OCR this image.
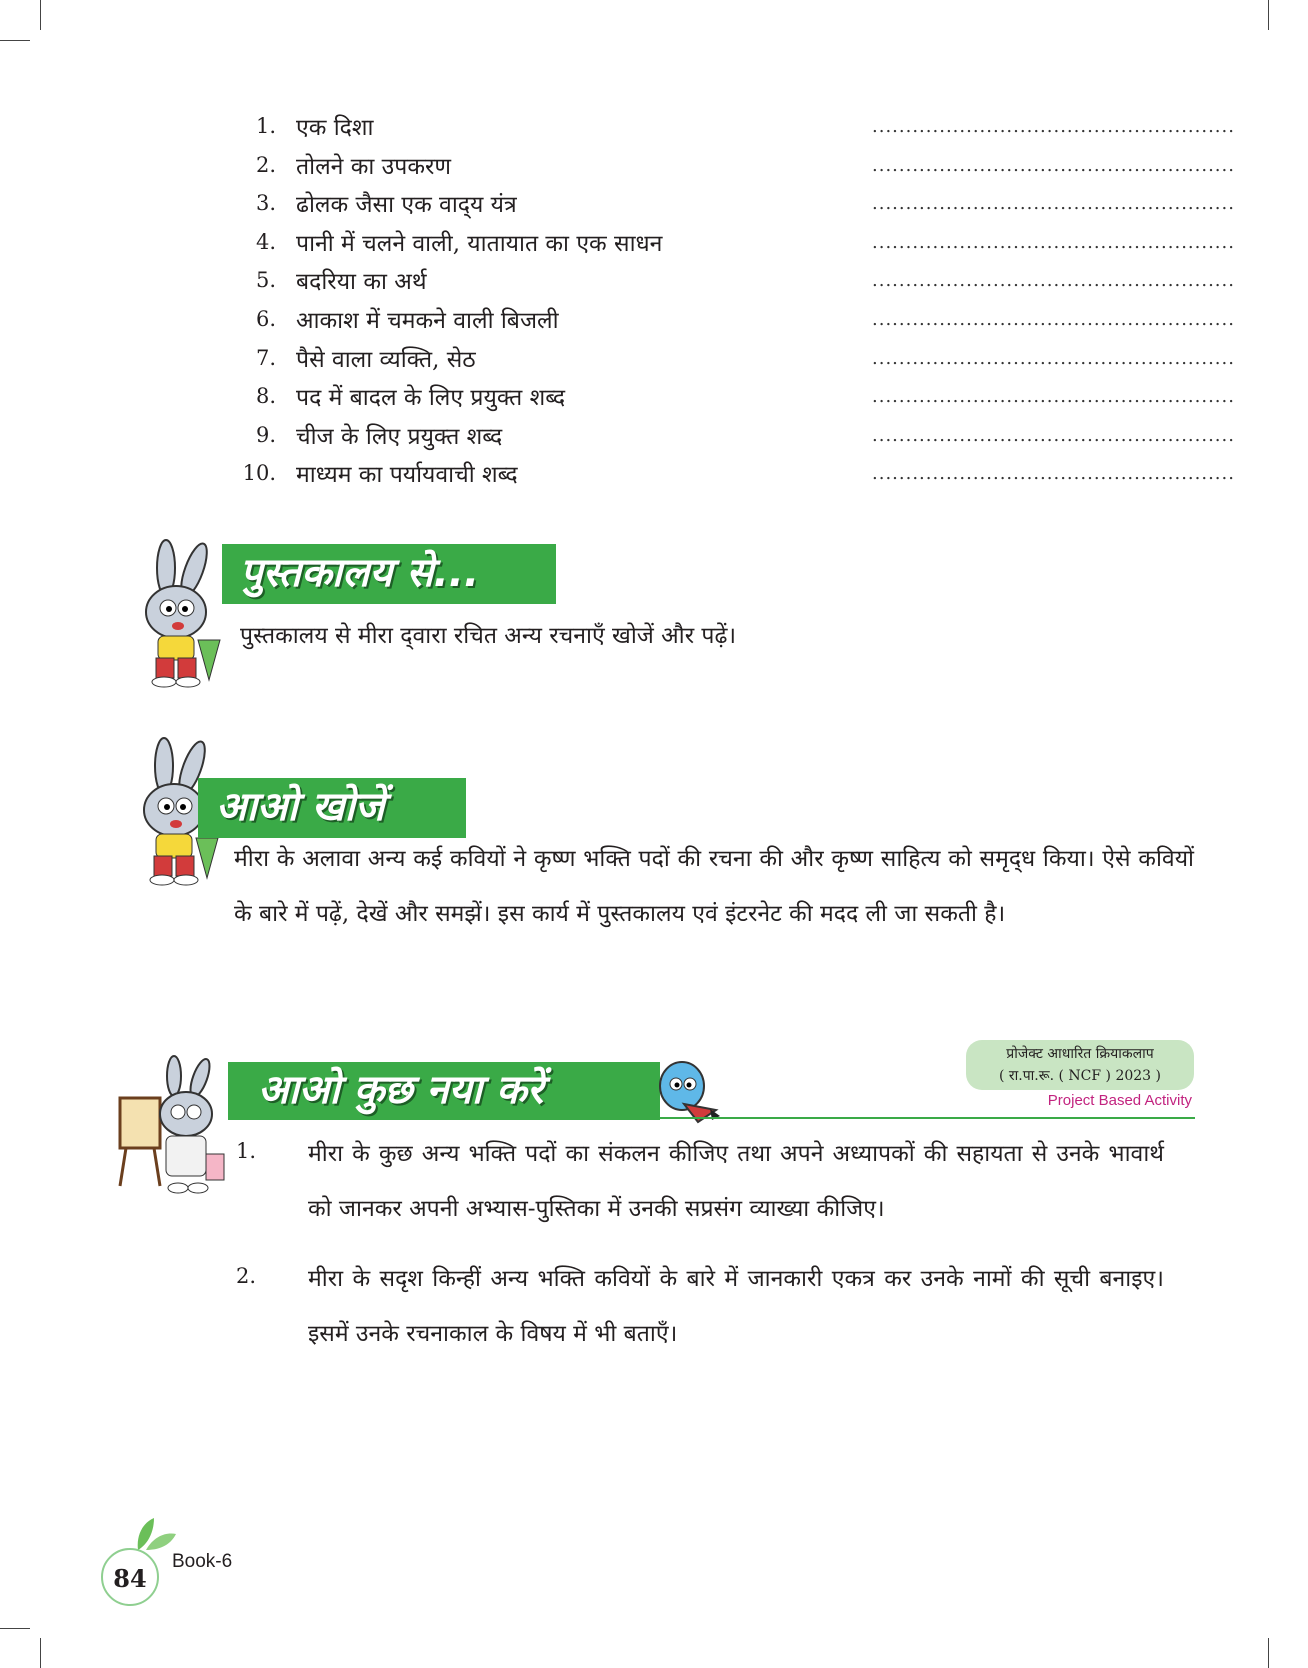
1. एक दिशा	......................................................
2. तोलने का उपकरण	......................................................
3. ढोलक जैसा एक वाद्‌य यंत्र	......................................................
4. पानी में चलने वाली, यातायात का एक साधन	......................................................
5. बदरिया का अर्थ	......................................................
6. आकाश में चमकने वाली बिजली	......................................................
7. पैसे वाला व्यक्ति, सेठ	......................................................
8. पद में बादल के लिए प्रयुक्त शब्द	......................................................
9. चीज के लिए प्रयुक्त शब्द	......................................................
10. माध्यम का पर्यायवाची शब्द	......................................................
पुस्तकालय से...
पुस्तकालय से मीरा द्‌वारा रचित अन्य रचनाएँ खोजें और पढ़ें।
आओ खोजें
मीरा के अलावा अन्य कई कवियों ने कृष्ण भक्ति पदों की रचना की और कृष्ण साहित्य को समृद्‌ध किया। ऐसे कवियों के बारे में पढ़ें, देखें और समझें। इस कार्य में पुस्तकालय एवं इंटरनेट की मदद ली जा सकती है।
आओ कुछ नया करें
प्रोजेक्ट आधारित क्रियाकलाप
( रा.पा.रू. ( NCF ) 2023 )
Project Based Activity
1. मीरा के कुछ अन्य भक्ति पदों का संकलन कीजिए तथा अपने अध्यापकों की सहायता से उनके भावार्थ को जानकर अपनी अभ्यास-पुस्तिका में उनकी सप्रसंग व्याख्या कीजिए।
2. मीरा के सदृश किन्हीं अन्य भक्ति कवियों के बारे में जानकारी एकत्र कर उनके नामों की सूची बनाइए। इसमें उनके रचनाकाल के विषय में भी बताएँ।
84
Book-6
